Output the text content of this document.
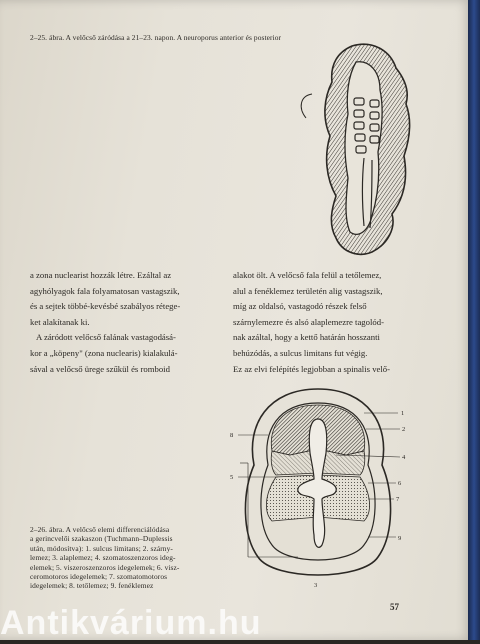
2–25. ábra. A velőcső záródása a 21–23. napon. A neuroporus anterior és posterior
a zona nuclearist hozzák létre. Ezáltal az
agyhólyagok fala folyamatosan vastagszik,
és a sejtek többé-kevésbé szabályos rétege-
ket alakítanak ki.
A záródott velőcső falának vastagodásá-
kor a „köpeny" (zona nuclearis) kialakulá-
sával a velőcső ürege szűkül és romboid
alakot ölt. A velőcső fala felül a tetőlemez,
alul a fenéklemez területén alig vastagszik,
míg az oldalsó, vastagodó részek felső
szárnylemezre és alsó alaplemezre tagolód-
nak azáltal, hogy a kettő határán hosszanti
behúzódás, a sulcus limitans fut végig.
Ez az elvi felépítés legjobban a spinalis velő-
1
2
4
6
7
9
8
5
3
2–26. ábra. A velőcső elemi differenciálódása
a gerincvelői szakaszon (Tuchmann–Duplessis
után, módosítva): 1. sulcus limitans; 2. szárny-
lemez; 3. alaplemez; 4. szomatoszenzoros ideg-
elemek; 5. viszeroszenzoros idegelemek; 6. visz-
ceromotoros idegelemek; 7. szomatomotoros
idegelemek; 8. tetőlemez; 9. fenéklemez
57
Antikvárium.hu
